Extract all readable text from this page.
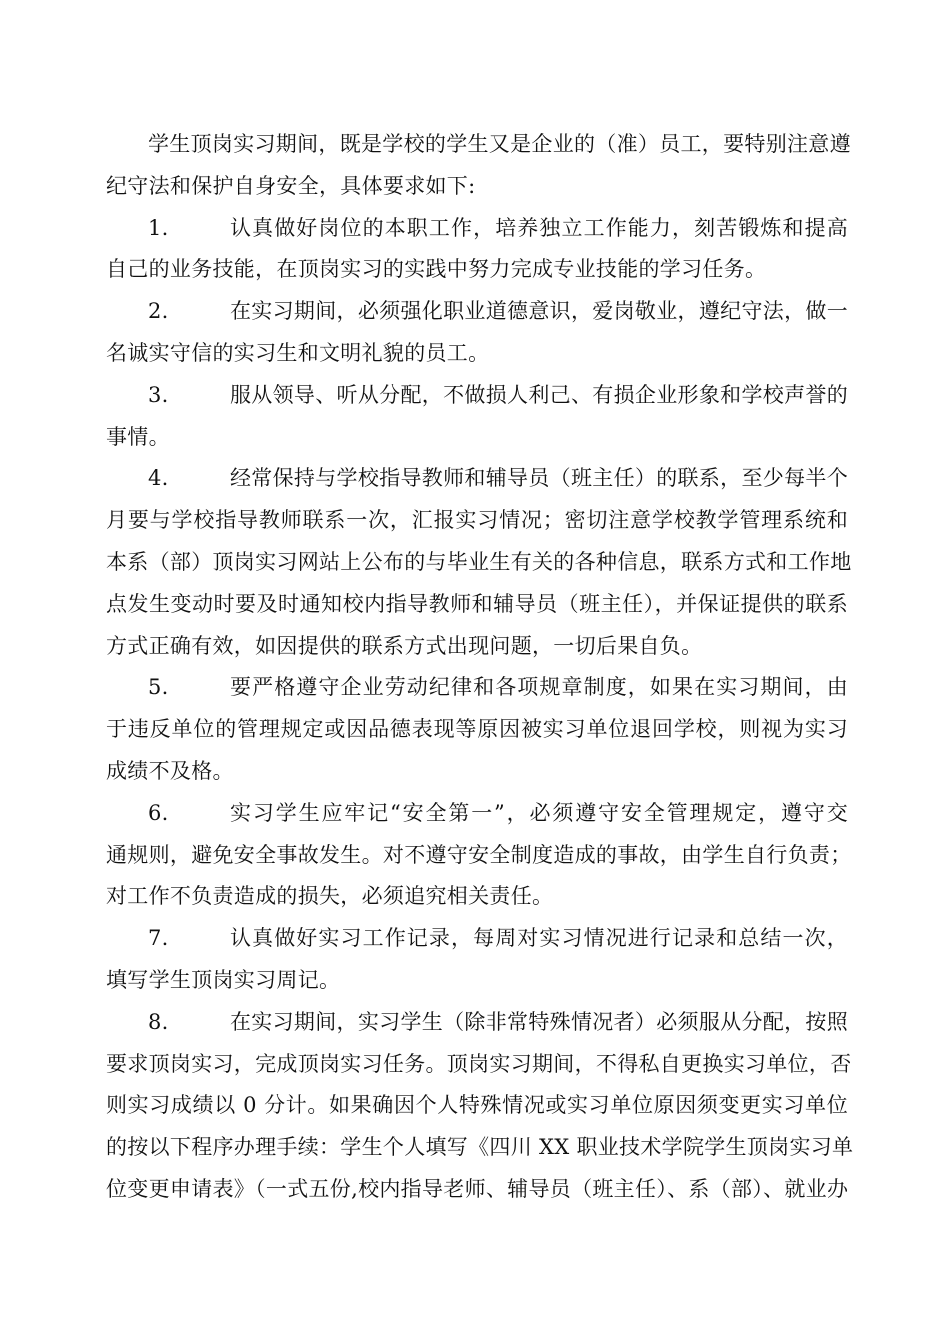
学生顶岗实习期间，既是学校的学生又是企业的（准）员工，要特别注意遵
纪守法和保护自身安全，具体要求如下:
1.	认真做好岗位的本职工作，培养独立工作能力，刻苦锻炼和提高
自己的业务技能，在顶岗实习的实践中努力完成专业技能的学习任务。
2.	在实习期间，必须强化职业道德意识，爱岗敬业，遵纪守法，做一
名诚实守信的实习生和文明礼貌的员工。
3.	服从领导、听从分配，不做损人利己、有损企业形象和学校声誉的
事情。
4.	经常保持与学校指导教师和辅导员（班主任）的联系，至少每半个
月要与学校指导教师联系一次，汇报实习情况；密切注意学校教学管理系统和
本系（部）顶岗实习网站上公布的与毕业生有关的各种信息，联系方式和工作地
点发生变动时要及时通知校内指导教师和辅导员（班主任），并保证提供的联系
方式正确有效，如因提供的联系方式出现问题，一切后果自负。
5.	要严格遵守企业劳动纪律和各项规章制度，如果在实习期间，由
于违反单位的管理规定或因品德表现等原因被实习单位退回学校，则视为实习
成绩不及格。
6.	实习学生应牢记“安全第一”，必须遵守安全管理规定，遵守交
通规则，避免安全事故发生。对不遵守安全制度造成的事故，由学生自行负责；
对工作不负责造成的损失，必须追究相关责任。
7.	认真做好实习工作记录，每周对实习情况进行记录和总结一次，
填写学生顶岗实习周记。
8.	在实习期间，实习学生（除非常特殊情况者）必须服从分配，按照
要求顶岗实习，完成顶岗实习任务。顶岗实习期间，不得私自更换实习单位，否
则实习成绩以 0 分计。如果确因个人特殊情况或实习单位原因须变更实习单位
的按以下程序办理手续：学生个人填写《四川 XX 职业技术学院学生顶岗实习单
位变更申请表》（一式五份,校内指导老师、辅导员（班主任）、系（部）、就业办
